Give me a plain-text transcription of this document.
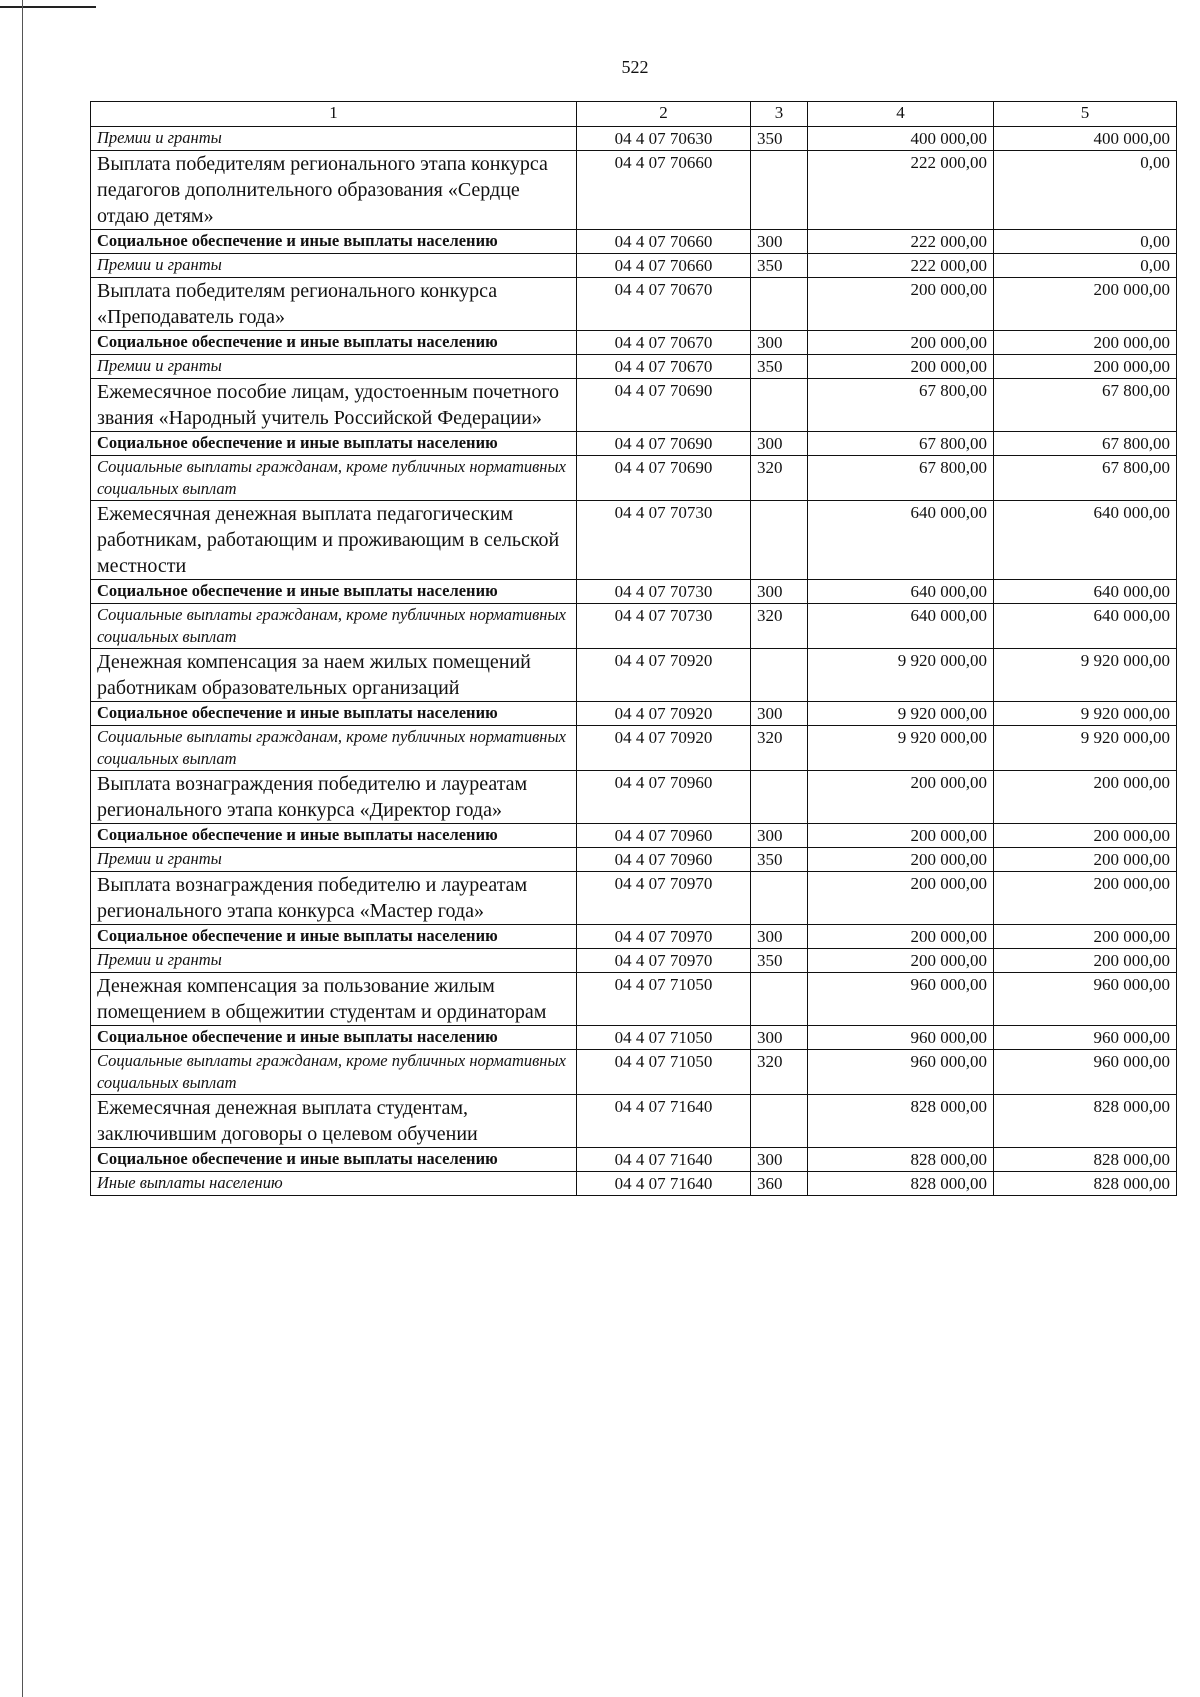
522
1	2	3	4	5
Премии и гранты	04 4 07 70630	350	400 000,00	400 000,00
Выплата победителям регионального этапа конкурса педагогов дополнительного образования «Сердце отдаю детям»	04 4 07 70660		222 000,00	0,00
Социальное обеспечение и иные выплаты населению	04 4 07 70660	300	222 000,00	0,00
Премии и гранты	04 4 07 70660	350	222 000,00	0,00
Выплата победителям регионального конкурса «Преподаватель года»	04 4 07 70670		200 000,00	200 000,00
Социальное обеспечение и иные выплаты населению	04 4 07 70670	300	200 000,00	200 000,00
Премии и гранты	04 4 07 70670	350	200 000,00	200 000,00
Ежемесячное пособие лицам, удостоенным почетного звания «Народный учитель Российской Федерации»	04 4 07 70690		67 800,00	67 800,00
Социальное обеспечение и иные выплаты населению	04 4 07 70690	300	67 800,00	67 800,00
Социальные выплаты гражданам, кроме публичных нормативных социальных выплат	04 4 07 70690	320	67 800,00	67 800,00
Ежемесячная денежная выплата педагогическим работникам, работающим и проживающим в сельской местности	04 4 07 70730		640 000,00	640 000,00
Социальное обеспечение и иные выплаты населению	04 4 07 70730	300	640 000,00	640 000,00
Социальные выплаты гражданам, кроме публичных нормативных социальных выплат	04 4 07 70730	320	640 000,00	640 000,00
Денежная компенсация за наем жилых помещений работникам образовательных организаций	04 4 07 70920		9 920 000,00	9 920 000,00
Социальное обеспечение и иные выплаты населению	04 4 07 70920	300	9 920 000,00	9 920 000,00
Социальные выплаты гражданам, кроме публичных нормативных социальных выплат	04 4 07 70920	320	9 920 000,00	9 920 000,00
Выплата вознаграждения победителю и лауреатам регионального этапа конкурса «Директор года»	04 4 07 70960		200 000,00	200 000,00
Социальное обеспечение и иные выплаты населению	04 4 07 70960	300	200 000,00	200 000,00
Премии и гранты	04 4 07 70960	350	200 000,00	200 000,00
Выплата вознаграждения победителю и лауреатам регионального этапа конкурса «Мастер года»	04 4 07 70970		200 000,00	200 000,00
Социальное обеспечение и иные выплаты населению	04 4 07 70970	300	200 000,00	200 000,00
Премии и гранты	04 4 07 70970	350	200 000,00	200 000,00
Денежная компенсация за пользование жилым помещением в общежитии студентам и ординаторам	04 4 07 71050		960 000,00	960 000,00
Социальное обеспечение и иные выплаты населению	04 4 07 71050	300	960 000,00	960 000,00
Социальные выплаты гражданам, кроме публичных нормативных социальных выплат	04 4 07 71050	320	960 000,00	960 000,00
Ежемесячная денежная выплата студентам, заключившим договоры о целевом обучении	04 4 07 71640		828 000,00	828 000,00
Социальное обеспечение и иные выплаты населению	04 4 07 71640	300	828 000,00	828 000,00
Иные выплаты населению	04 4 07 71640	360	828 000,00	828 000,00
